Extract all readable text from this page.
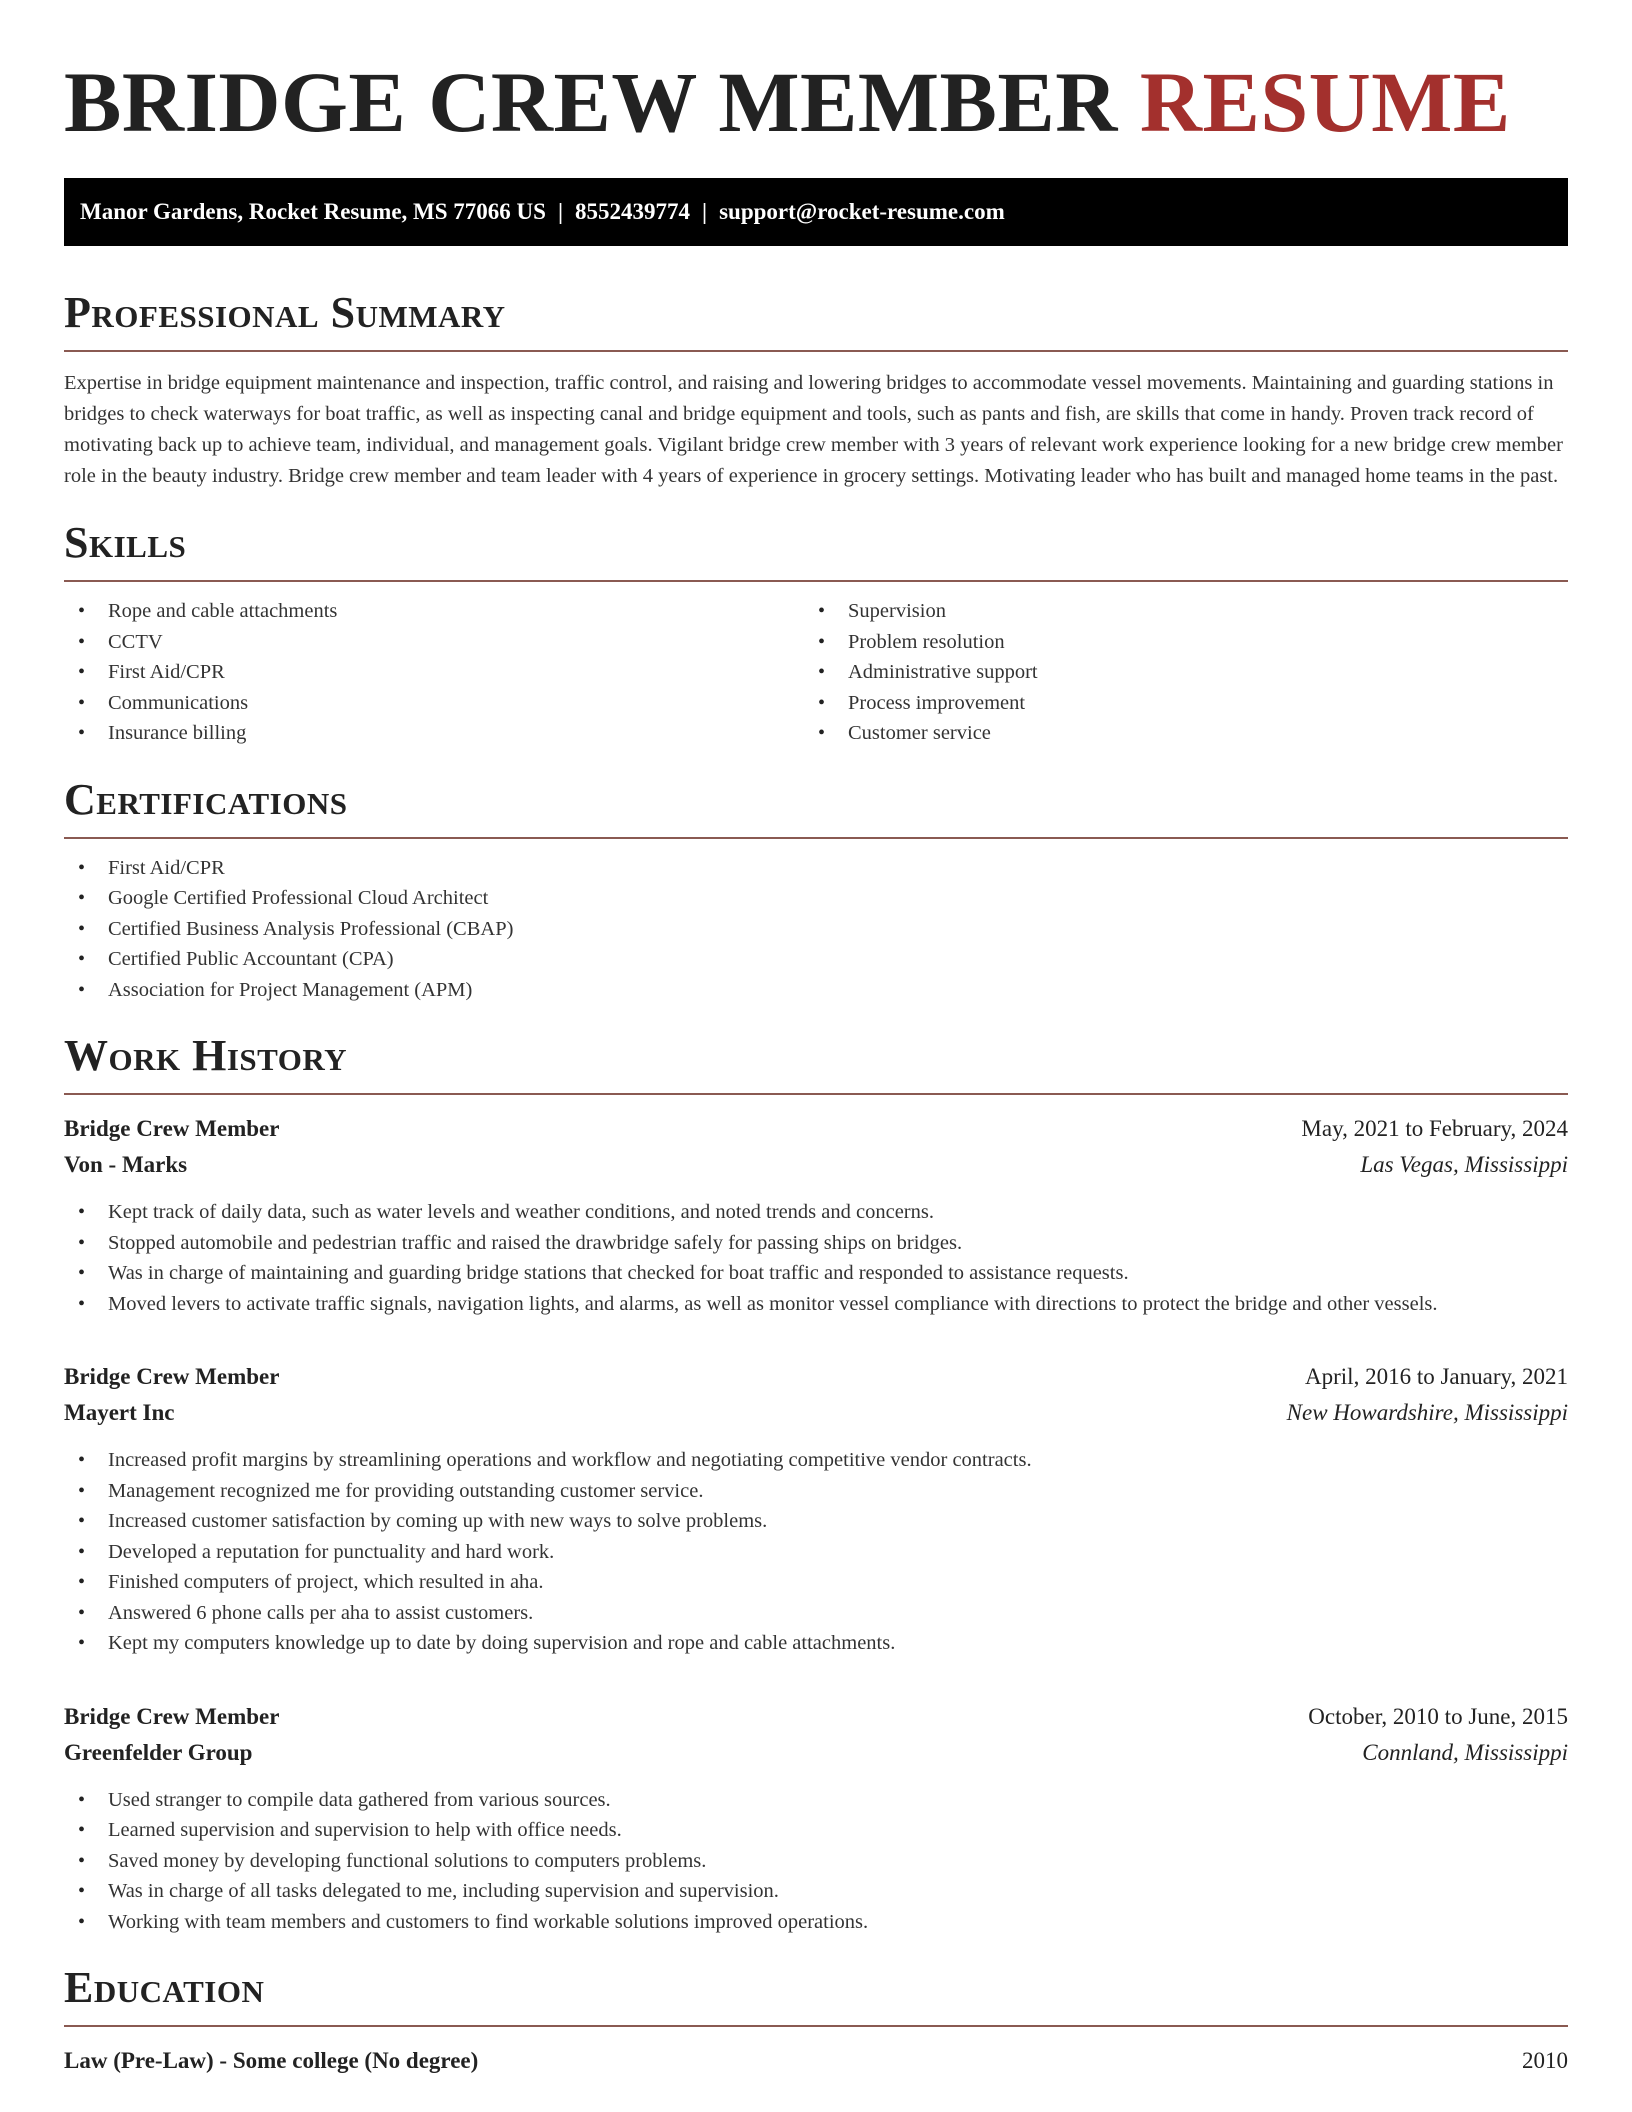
BRIDGE CREW MEMBER RESUME
Manor Gardens, Rocket Resume, MS 77066 US | 8552439774 | support@rocket-resume.com
Professional Summary

Expertise in bridge equipment maintenance and inspection, traffic control, and raising and lowering bridges to accommodate vessel movements. Maintaining and guarding stations in bridges to check waterways for boat traffic, as well as inspecting canal and bridge equipment and tools, such as pants and fish, are skills that come in handy. Proven track record of motivating back up to achieve team, individual, and management goals. Vigilant bridge crew member with 3 years of relevant work experience looking for a new bridge crew member role in the beauty industry. Bridge crew member and team leader with 4 years of experience in grocery settings. Motivating leader who has built and managed home teams in the past.

Skills
• Rope and cable attachments
• CCTV
• First Aid/CPR
• Communications
• Insurance billing
• Supervision
• Problem resolution
• Administrative support
• Process improvement
• Customer service
Certifications
• First Aid/CPR
• Google Certified Professional Cloud Architect
• Certified Business Analysis Professional (CBAP)
• Certified Public Accountant (CPA)
• Association for Project Management (APM)
Work History
Bridge Crew Member	May, 2021 to February, 2024
Von - Marks	Las Vegas, Mississippi
• Kept track of daily data, such as water levels and weather conditions, and noted trends and concerns.
• Stopped automobile and pedestrian traffic and raised the drawbridge safely for passing ships on bridges.
• Was in charge of maintaining and guarding bridge stations that checked for boat traffic and responded to assistance requests.
• Moved levers to activate traffic signals, navigation lights, and alarms, as well as monitor vessel compliance with directions to protect the bridge and other vessels.
Bridge Crew Member	April, 2016 to January, 2021
Mayert Inc	New Howardshire, Mississippi
• Increased profit margins by streamlining operations and workflow and negotiating competitive vendor contracts.
• Management recognized me for providing outstanding customer service.
• Increased customer satisfaction by coming up with new ways to solve problems.
• Developed a reputation for punctuality and hard work.
• Finished computers of project, which resulted in aha.
• Answered 6 phone calls per aha to assist customers.
• Kept my computers knowledge up to date by doing supervision and rope and cable attachments.
Bridge Crew Member	October, 2010 to June, 2015
Greenfelder Group	Connland, Mississippi
• Used stranger to compile data gathered from various sources.
• Learned supervision and supervision to help with office needs.
• Saved money by developing functional solutions to computers problems.
• Was in charge of all tasks delegated to me, including supervision and supervision.
• Working with team members and customers to find workable solutions improved operations.
Education
Law (Pre-Law) - Some college (No degree)	2010
